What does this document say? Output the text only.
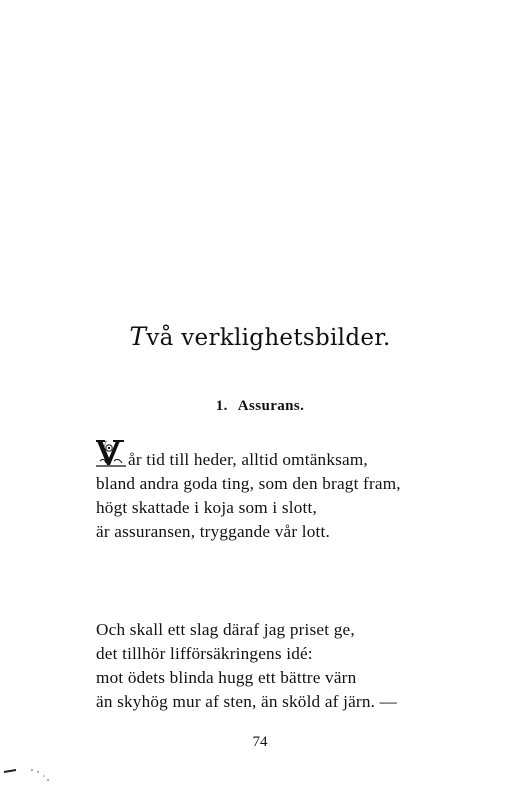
Två verklighetsbilder.
1. Assurans.
V
år tid till heder, alltid omtänksam,
bland andra goda ting, som den bragt fram,
högt skattade i koja som i slott,
är assuransen, tryggande vår lott.
Och skall ett slag däraf jag priset ge,
det tillhör lifförsäkringens idé:
mot ödets blinda hugg ett bättre värn
än skyhög mur af sten, än sköld af järn. —
74
